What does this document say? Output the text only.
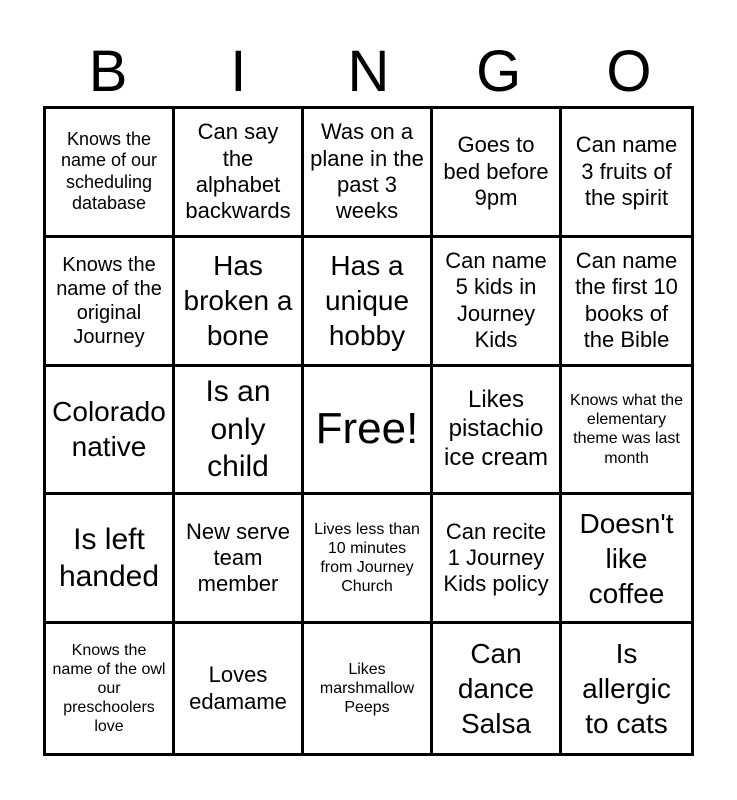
B	I	N	G	O
Knows the name of our scheduling database
Can say the alphabet backwards
Was on a plane in the past 3 weeks
Goes to bed before 9pm
Can name 3 fruits of the spirit
Knows the name of the original Journey
Has broken a bone
Has a unique hobby
Can name 5 kids in Journey Kids
Can name the first 10 books of the Bible
Colorado native
Is an only child
Free!
Likes pistachio ice cream
Knows what the elementary theme was last month
Is left handed
New serve team member
Lives less than 10 minutes from Journey Church
Can recite 1 Journey Kids policy
Doesn't like coffee
Knows the name of the owl our preschoolers love
Loves edamame
Likes marshmallow Peeps
Can dance Salsa
Is allergic to cats
